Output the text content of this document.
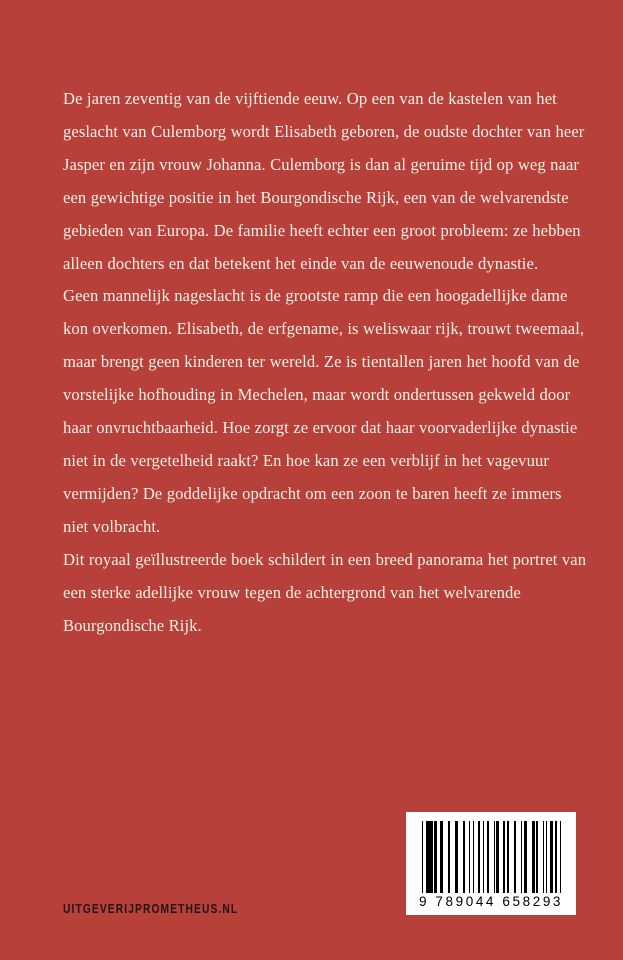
De jaren zeventig van de vijftiende eeuw. Op een van de kastelen van het geslacht van Culemborg wordt Elisabeth geboren, de oudste dochter van heer Jasper en zijn vrouw Johanna. Culemborg is dan al geruime tijd op weg naar een gewichtige positie in het Bourgondische Rijk, een van de welvarendste gebieden van Europa. De familie heeft echter een groot probleem: ze hebben alleen dochters en dat betekent het einde van de eeuwenoude dynastie.

Geen mannelijk nageslacht is de grootste ramp die een hoogadellijke dame kon overkomen. Elisabeth, de erfgename, is weliswaar rijk, trouwt tweemaal, maar brengt geen kinderen ter wereld. Ze is tientallen jaren het hoofd van de vorstelijke hofhouding in Mechelen, maar wordt ondertussen gekweld door haar onvruchtbaarheid. Hoe zorgt ze ervoor dat haar voorvaderlijke dynastie niet in de vergetelheid raakt? En hoe kan ze een verblijf in het vagevuur vermijden? De goddelijke opdracht om een zoon te baren heeft ze immers niet volbracht.

Dit royaal geïllustreerde boek schildert in een breed panorama het portret van een sterke adellijke vrouw tegen de achtergrond van het welvarende Bourgondische Rijk.

UITGEVERIJPROMETHEUS.NL	9 789044 658293
